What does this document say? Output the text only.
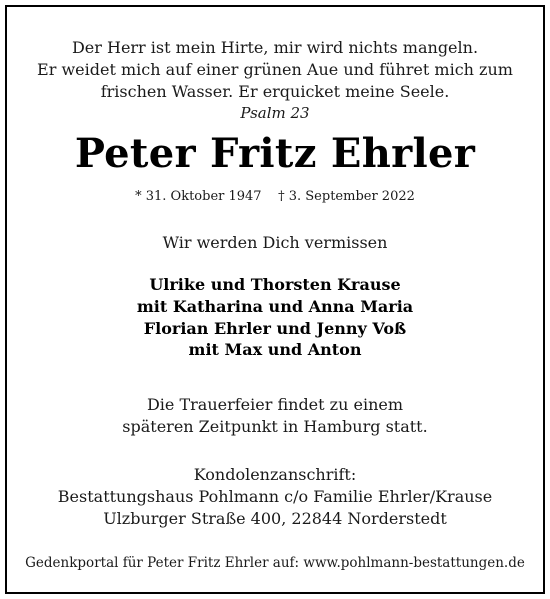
Der Herr ist mein Hirte, mir wird nichts mangeln.
Er weidet mich auf einer grünen Aue und führet mich zum
frischen Wasser. Er erquicket meine Seele.
Psalm 23
Peter Fritz Ehrler
* 31. Oktober 1947    † 3. September 2022
Wir werden Dich vermissen
Ulrike und Thorsten Krause
mit Katharina und Anna Maria
Florian Ehrler und Jenny Voß
mit Max und Anton
Die Trauerfeier findet zu einem
späteren Zeitpunkt in Hamburg statt.
Kondolenzanschrift:
Bestattungshaus Pohlmann c/o Familie Ehrler/Krause
Ulzburger Straße 400, 22844 Norderstedt
Gedenkportal für Peter Fritz Ehrler auf: www.pohlmann-bestattungen.de
